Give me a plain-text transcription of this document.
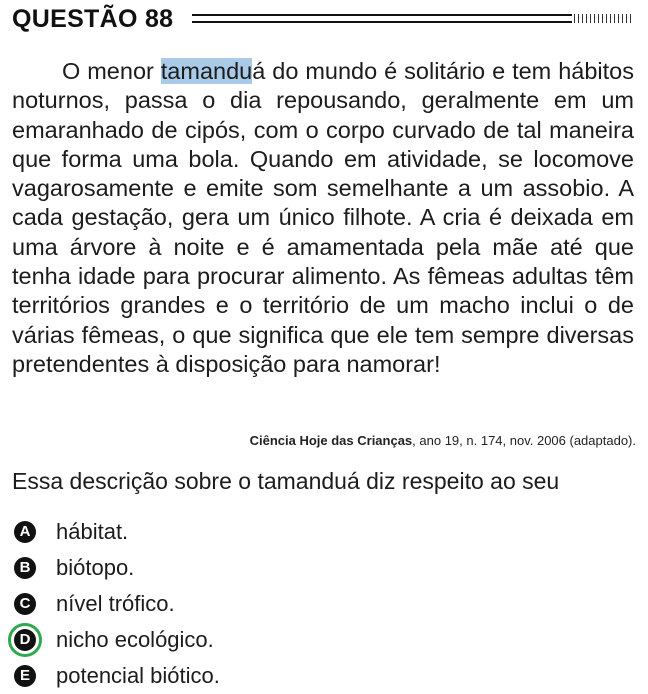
QUESTÃO 88

O menor tamanduá do mundo é solitário e tem hábitos noturnos, passa o dia repousando, geralmente em um emaranhado de cipós, com o corpo curvado de tal maneira que forma uma bola. Quando em atividade, se locomove vagarosamente e emite som semelhante a um assobio. A cada gestação, gera um único filhote. A cria é deixada em uma árvore à noite e é amamentada pela mãe até que tenha idade para procurar alimento. As fêmeas adultas têm territórios grandes e o território de um macho inclui o de várias fêmeas, o que significa que ele tem sempre diversas pretendentes à disposição para namorar!

Ciência Hoje das Crianças, ano 19, n. 174, nov. 2006 (adaptado).
Essa descrição sobre o tamanduá diz respeito ao seu
A hábitat.
B biótopo.
C nível trófico.
D nicho ecológico.
E potencial biótico.
